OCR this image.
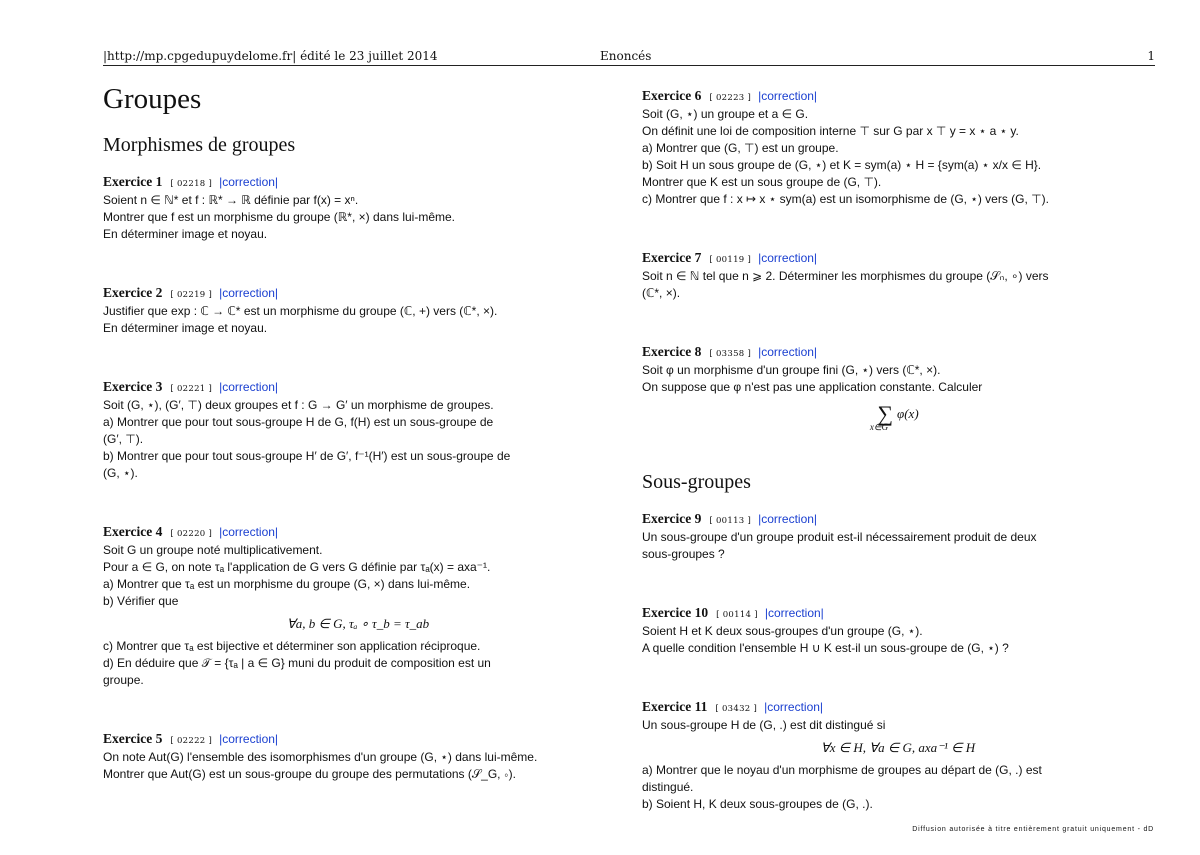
|http://mp.cpgedupuydelome.fr| édité le 23 juillet 2014	Enoncés	1
Groupes
Morphismes de groupes
Exercice 1 [ 02218 ] |correction|
Soient n ∈ ℕ* et f : ℝ* → ℝ définie par f(x) = xⁿ.
Montrer que f est un morphisme du groupe (ℝ*, ×) dans lui-même.
En déterminer image et noyau.
Exercice 2 [ 02219 ] |correction|
Justifier que exp : ℂ → ℂ* est un morphisme du groupe (ℂ, +) vers (ℂ*, ×).
En déterminer image et noyau.
Exercice 3 [ 02221 ] |correction|
Soit (G, ⋆), (G′, ⊤) deux groupes et f : G → G′ un morphisme de groupes.
a) Montrer que pour tout sous-groupe H de G, f(H) est un sous-groupe de
(G′, ⊤).
b) Montrer que pour tout sous-groupe H′ de G′, f⁻¹(H′) est un sous-groupe de
(G, ⋆).
Exercice 4 [ 02220 ] |correction|
Soit G un groupe noté multiplicativement.
Pour a ∈ G, on note τₐ l'application de G vers G définie par τₐ(x) = axa⁻¹.
a) Montrer que τₐ est un morphisme du groupe (G, ×) dans lui-même.
b) Vérifier que
∀a, b ∈ G, τₐ ∘ τ_b = τ_ab
c) Montrer que τₐ est bijective et déterminer son application réciproque.
d) En déduire que 𝒯 = {τₐ | a ∈ G} muni du produit de composition est un
groupe.
Exercice 5 [ 02222 ] |correction|
On note Aut(G) l'ensemble des isomorphismes d'un groupe (G, ⋆) dans lui-même.
Montrer que Aut(G) est un sous-groupe du groupe des permutations (𝒮_G, ∘).
Exercice 6 [ 02223 ] |correction|
Soit (G, ⋆) un groupe et a ∈ G.
On définit une loi de composition interne ⊤ sur G par x ⊤ y = x ⋆ a ⋆ y.
a) Montrer que (G, ⊤) est un groupe.
b) Soit H un sous groupe de (G, ⋆) et K = sym(a) ⋆ H = {sym(a) ⋆ x/x ∈ H}.
Montrer que K est un sous groupe de (G, ⊤).
c) Montrer que f : x ↦ x ⋆ sym(a) est un isomorphisme de (G, ⋆) vers (G, ⊤).
Exercice 7 [ 00119 ] |correction|
Soit n ∈ ℕ tel que n ⩾ 2. Déterminer les morphismes du groupe (𝒮ₙ, ∘) vers
(ℂ*, ×).
Exercice 8 [ 03358 ] |correction|
Soit φ un morphisme d'un groupe fini (G, ⋆) vers (ℂ*, ×).
On suppose que φ n'est pas une application constante. Calculer
∑ φ(x)
x∈G
Sous-groupes
Exercice 9 [ 00113 ] |correction|
Un sous-groupe d'un groupe produit est-il nécessairement produit de deux
sous-groupes ?
Exercice 10 [ 00114 ] |correction|
Soient H et K deux sous-groupes d'un groupe (G, ⋆).
A quelle condition l'ensemble H ∪ K est-il un sous-groupe de (G, ⋆) ?
Exercice 11 [ 03432 ] |correction|
Un sous-groupe H de (G, .) est dit distingué si
∀x ∈ H, ∀a ∈ G, axa⁻¹ ∈ H
a) Montrer que le noyau d'un morphisme de groupes au départ de (G, .) est
distingué.
b) Soient H, K deux sous-groupes de (G, .).
Diffusion autorisée à titre entièrement gratuit uniquement - dD
